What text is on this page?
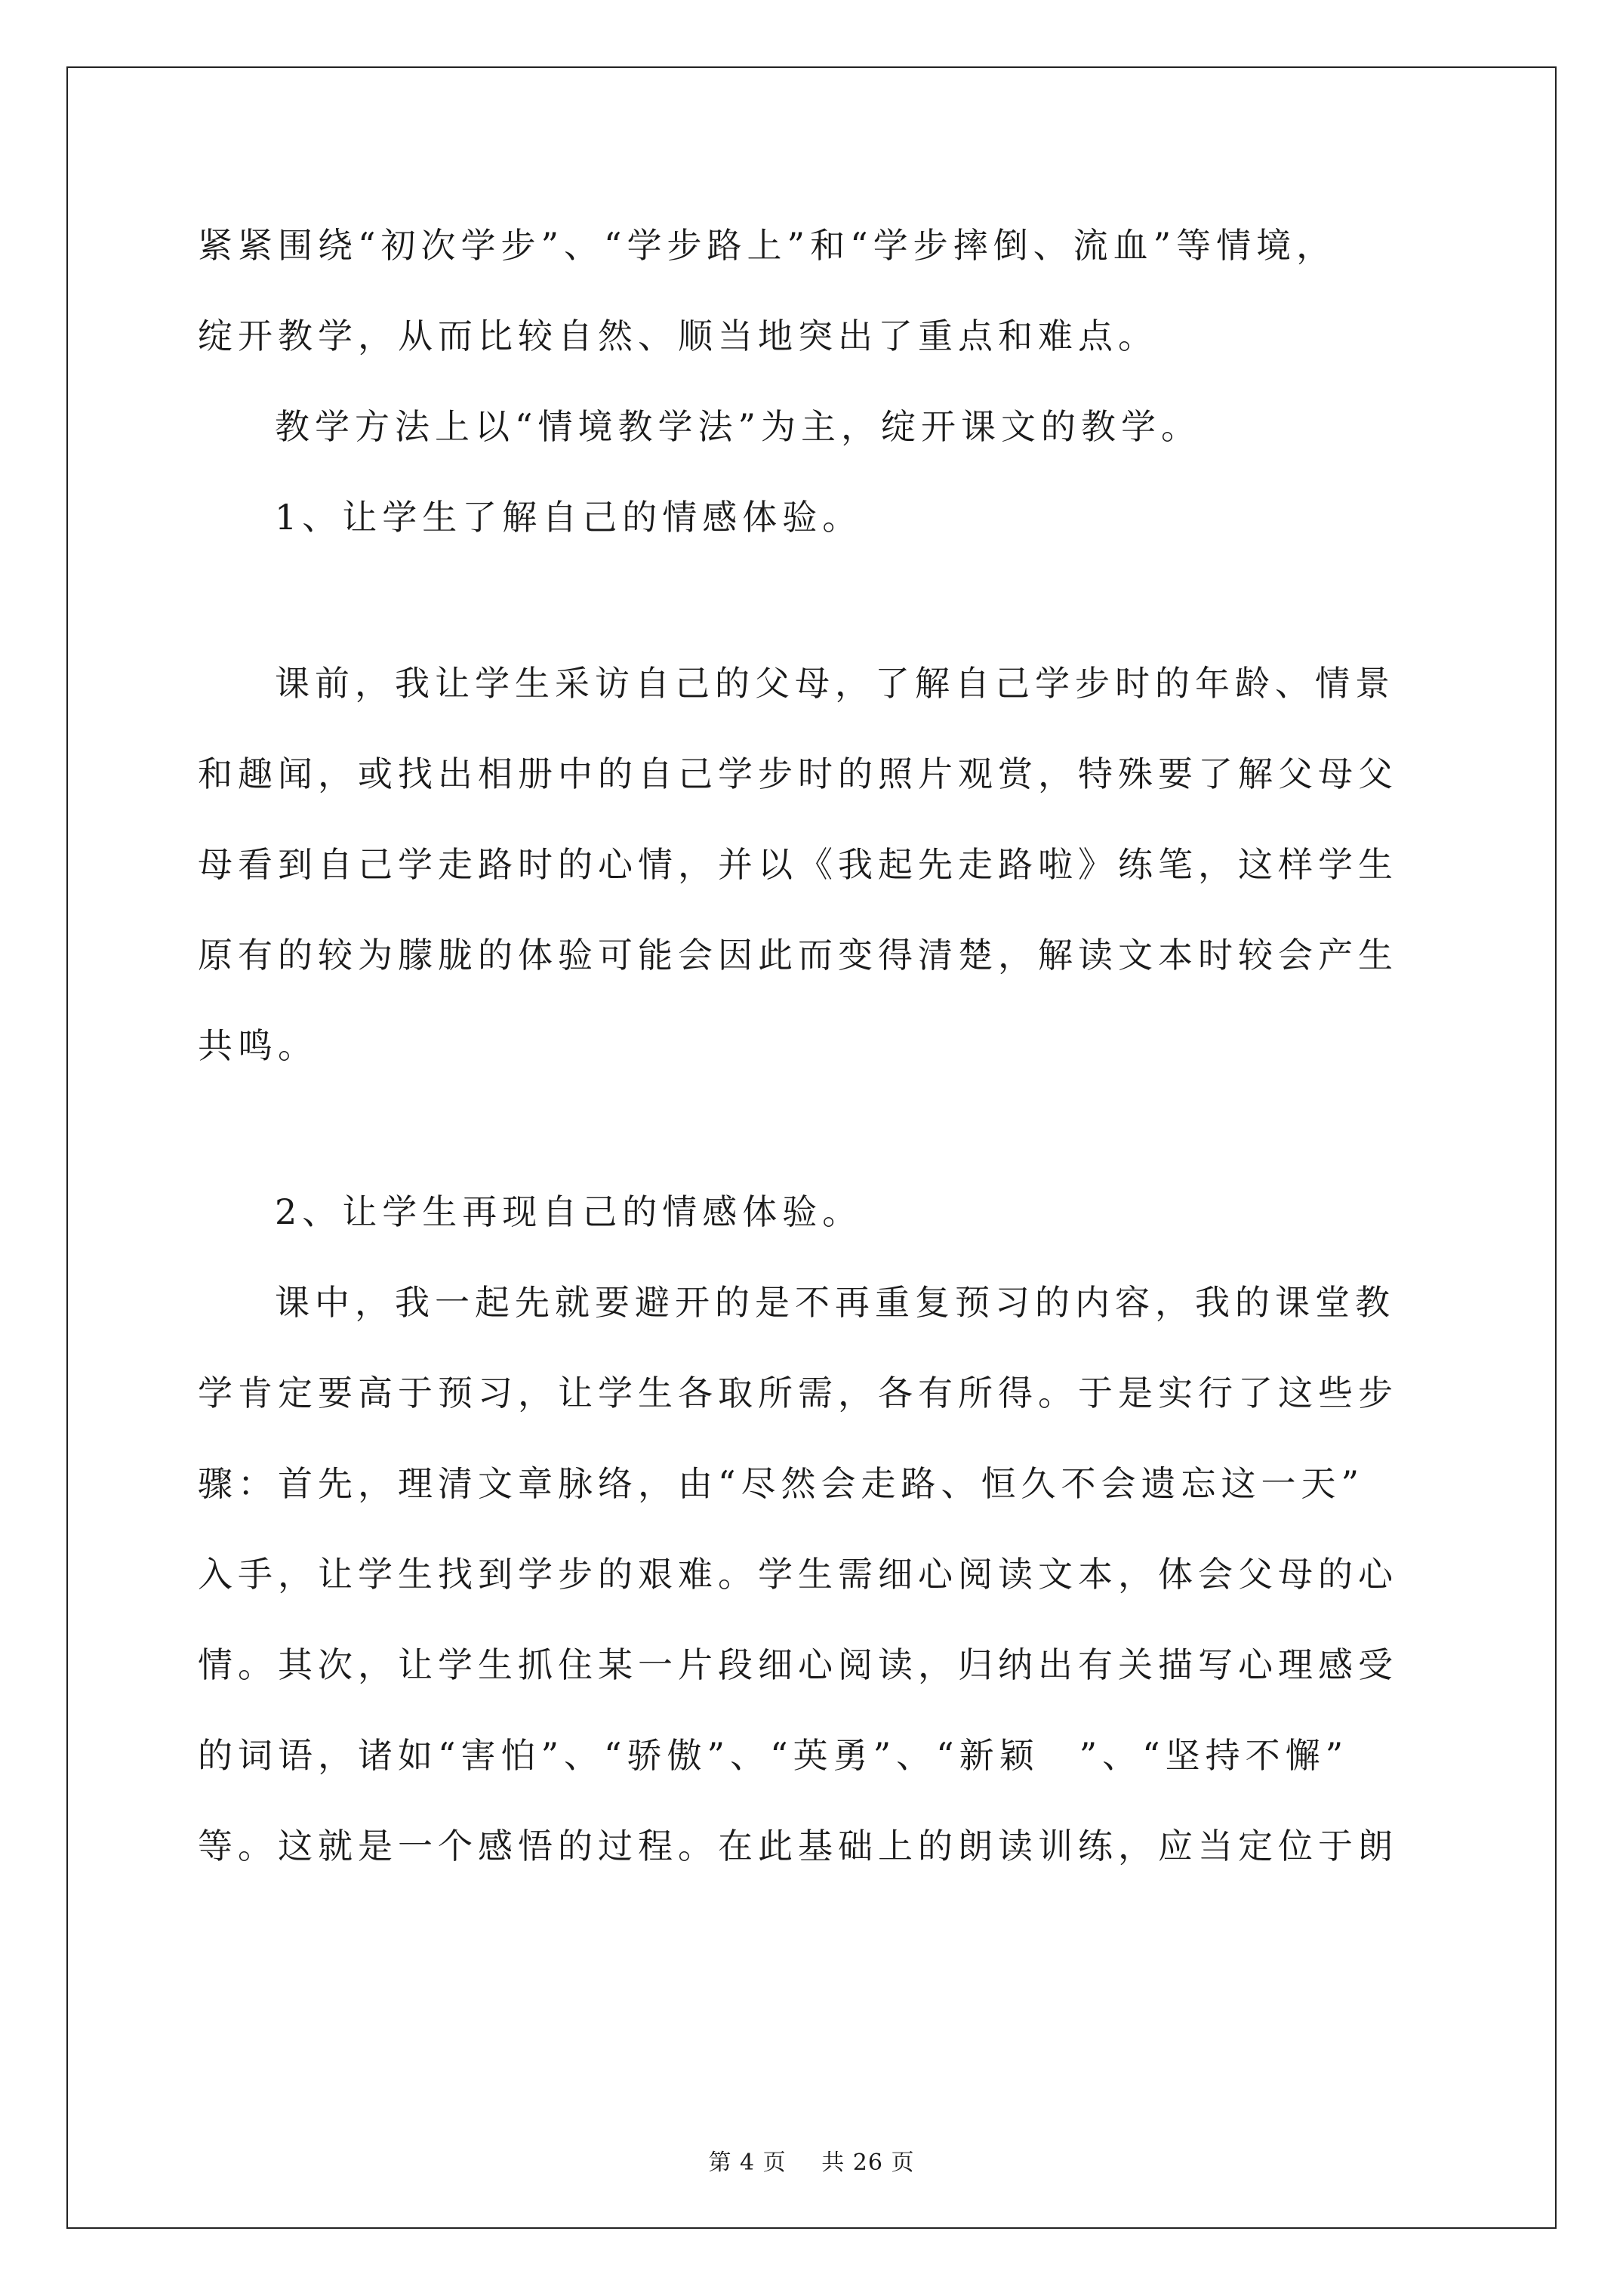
紧紧围绕“初次学步”、“学步路上”和“学步摔倒、流血”等情境，
绽开教学，从而比较自然、顺当地突出了重点和难点。
教学方法上以“情境教学法”为主，绽开课文的教学。
1、让学生了解自己的情感体验。
课前，我让学生采访自己的父母，了解自己学步时的年龄、情景
和趣闻，或找出相册中的自己学步时的照片观赏，特殊要了解父母父
母看到自己学走路时的心情，并以《我起先走路啦》练笔，这样学生
原有的较为朦胧的体验可能会因此而变得清楚，解读文本时较会产生
共鸣。
2、让学生再现自己的情感体验。
课中，我一起先就要避开的是不再重复预习的内容，我的课堂教
学肯定要高于预习，让学生各取所需，各有所得。于是实行了这些步
骤：首先，理清文章脉络，由“尽然会走路、恒久不会遗忘这一天”
入手，让学生找到学步的艰难。学生需细心阅读文本，体会父母的心
情。其次，让学生抓住某一片段细心阅读，归纳出有关描写心理感受
的词语，诸如“害怕”、“骄傲”、“英勇”、“新颖　”、“坚持不懈”
等。这就是一个感悟的过程。在此基础上的朗读训练，应当定位于朗
第 4 页 共 26 页
